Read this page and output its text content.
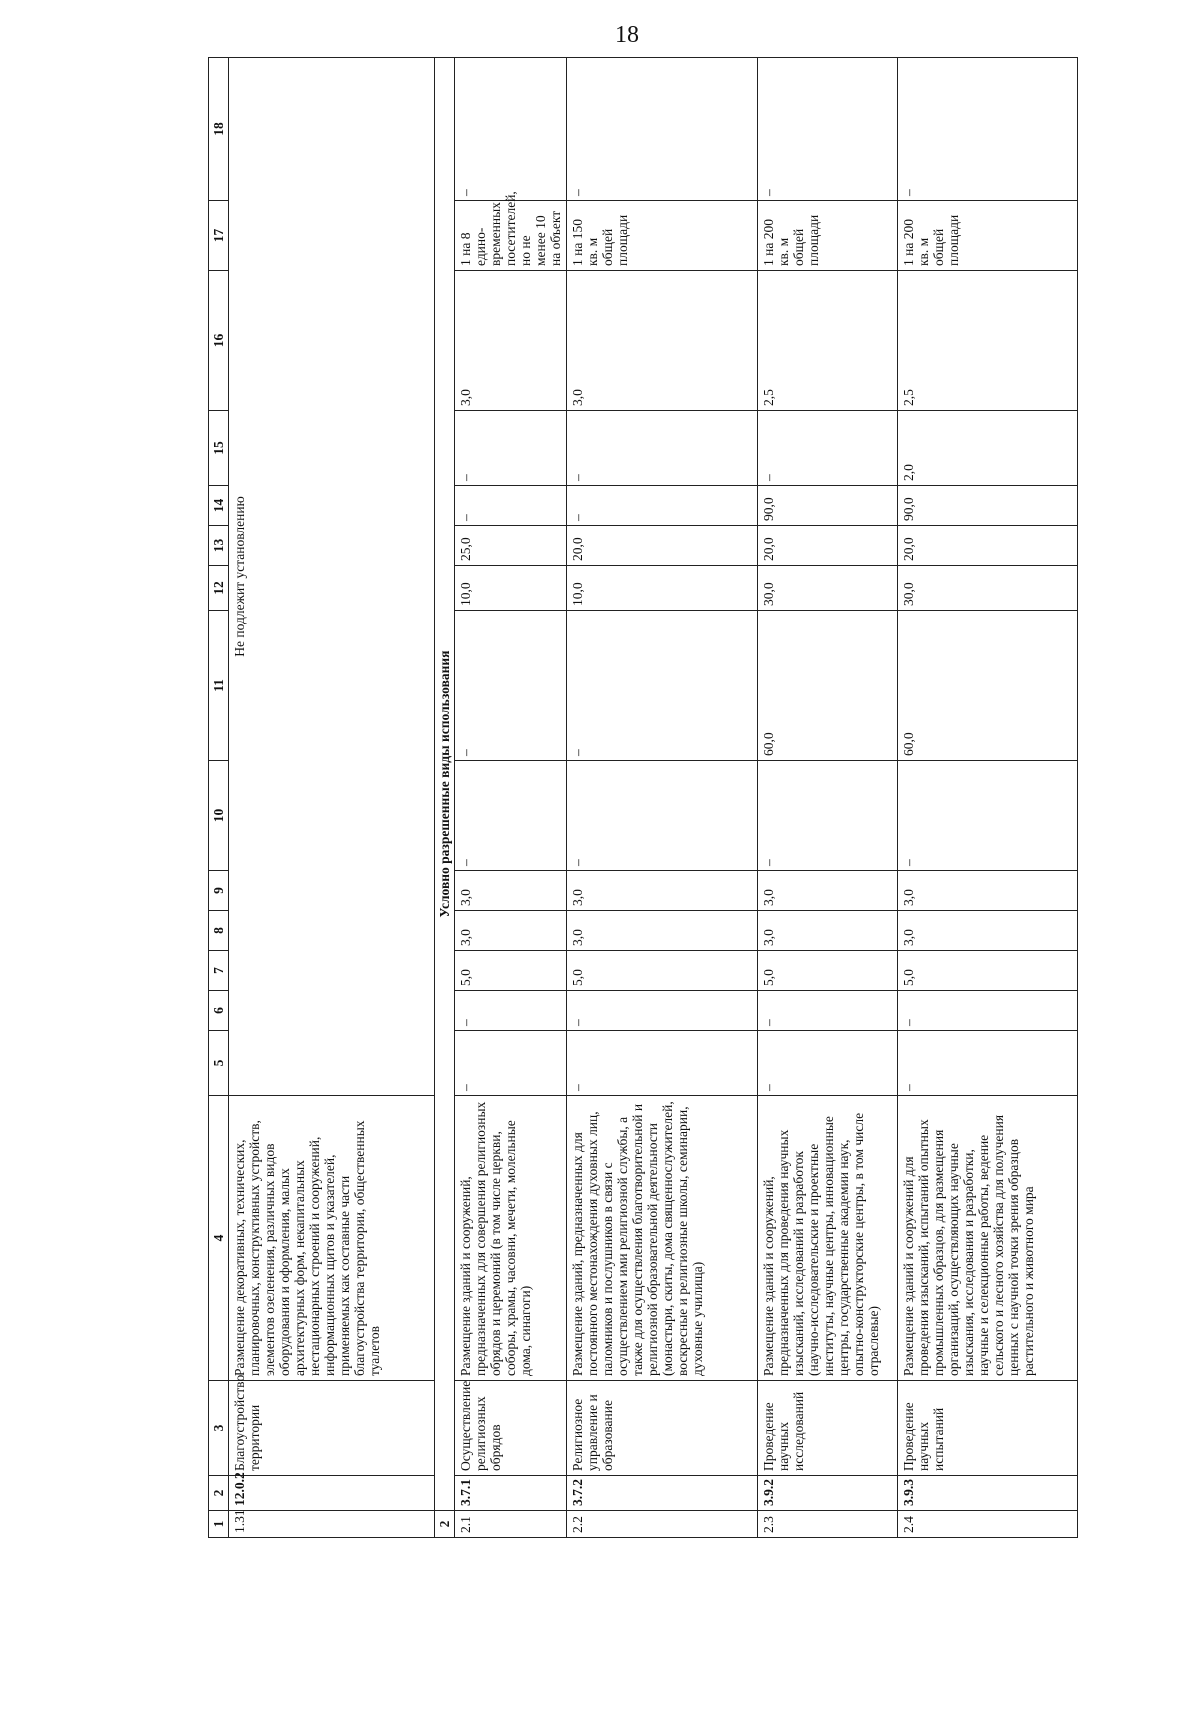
18
1	2	3	4	5	6	7	8	9	10	11	12	13	14	15	16	17	18
1.31	12.0.2	Благоустройство территории	Размещение декоративных, технических, планировочных, конструктивных устройств, элементов озеленения, различных видов оборудования и оформления, малых архитектурных форм, некапитальных нестационарных строений и сооружений, информационных щитов и указателей, применяемых как составные части благоустройства территории, общественных туалетов	Не подлежит установлению													
2	Условно разрешенные виды использования																
2.1	3.7.1	Осуществление религиозных обрядов	Размещение зданий и сооружений, предназначенных для совершения религиозных обрядов и церемоний (в том числе церкви, соборы, храмы, часовни, мечети, молельные дома, синагоги)	–	–	5,0	3,0	3,0	–	–	10,0	25,0	–	–	3,0	1 на 8 едино-временных посетителей, но не менее 10 на объект	–
2.2	3.7.2	Религиозное управление и образование	Размещение зданий, предназначенных для постоянного местонахождения духовных лиц, паломников и послушников в связи с осуществлением ими религиозной службы, а также для осуществления благотворительной и религиозной образовательной деятельности (монастыри, скиты, дома священнослужителей, воскресные и религиозные школы, семинарии, духовные училища)	–	–	5,0	3,0	3,0	–	–	10,0	20,0	–	–	3,0	1 на 150 кв. м общей площади	–
2.3	3.9.2	Проведение научных исследований	Размещение зданий и сооружений, предназначенных для проведения научных изысканий, исследований и разработок (научно-исследовательские и проектные институты, научные центры, инновационные центры, государственные академии наук, опытно-конструкторские центры, в том числе отраслевые)	–	–	5,0	3,0	3,0	–	60,0	30,0	20,0	90,0	–	2,5	1 на 200 кв. м общей площади	–
2.4	3.9.3	Проведение научных испытаний	Размещение зданий и сооружений для проведения изысканий, испытаний опытных промышленных образцов, для размещения организаций, осуществляющих научные изыскания, исследования и разработки, научные и селекционные работы, ведение сельского и лесного хозяйства для получения ценных с научной точки зрения образцов растительного и животного мира	–	–	5,0	3,0	3,0	–	60,0	30,0	20,0	90,0	2,0	2,5	1 на 200 кв. м общей площади	–
